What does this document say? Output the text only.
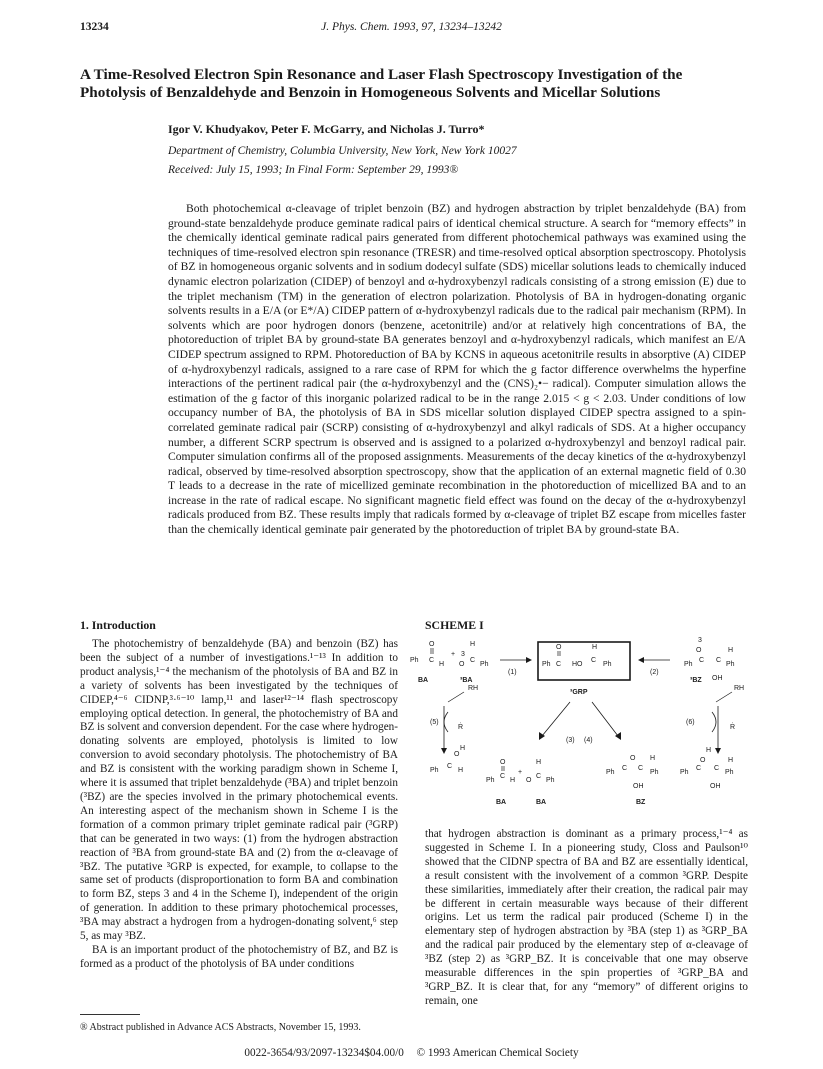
J. Phys. Chem. 1993, 97, 13234–13242
13234
A Time-Resolved Electron Spin Resonance and Laser Flash Spectroscopy Investigation of the Photolysis of Benzaldehyde and Benzoin in Homogeneous Solvents and Micellar Solutions
Igor V. Khudyakov, Peter F. McGarry, and Nicholas J. Turro*
Department of Chemistry, Columbia University, New York, New York 10027
Received: July 15, 1993; In Final Form: September 29, 1993®

Both photochemical α-cleavage of triplet benzoin (BZ) and hydrogen abstraction by triplet benzaldehyde (BA) from ground-state benzaldehyde produce geminate radical pairs of identical chemical structure. A search for “memory effects” in the chemically identical geminate radical pairs generated from different photochemical pathways was examined using the techniques of time-resolved electron spin resonance (TRESR) and time-resolved optical absorption spectroscopy. Photolysis of BZ in homogeneous organic solvents and in sodium dodecyl sulfate (SDS) micellar solutions leads to chemically induced dynamic electron polarization (CIDEP) of benzoyl and α-hydroxybenzyl radicals consisting of a strong emission (E) due to the triplet mechanism (TM) in the generation of electron polarization. Photolysis of BA in hydrogen-donating organic solvents results in a E/A (or E*/A) CIDEP pattern of α-hydroxybenzyl radicals due to the radical pair mechanism (RPM). In solvents which are poor hydrogen donors (benzene, acetonitrile) and/or at relatively high concentrations of BA, the photoreduction of triplet BA by ground-state BA generates benzoyl and α-hydroxybenzyl radicals, which manifest an E/A CIDEP spectrum assigned to RPM. Photoreduction of BA by KCNS in aqueous acetonitrile results in absorptive (A) CIDEP of α-hydroxybenzyl radicals, assigned to a rare case of RPM for which the g factor difference overwhelms the hyperfine interactions of the pertinent radical pair (the α-hydroxybenzyl and the (CNS)₂•− radical). Computer simulation allows the estimation of the g factor of this inorganic polarized radical to be in the range 2.015 < g < 2.03. Under conditions of low occupancy number of BA, the photolysis of BA in SDS micellar solution displayed CIDEP spectra assigned to a spin-correlated geminate radical pair (SCRP) consisting of α-hydroxybenzyl and alkyl radicals of SDS. At a higher occupancy number, a different SCRP spectrum is observed and is assigned to a polarized α-hydroxybenzyl and benzoyl radical pair. Computer simulation confirms all of the proposed assignments. Measurements of the decay kinetics of the α-hydroxybenzyl radical, observed by time-resolved absorption spectroscopy, show that the application of an external magnetic field of 0.30 T leads to a decrease in the rate of micellized geminate recombination in the photoreduction of micellized BA and to an increase in the rate of radical escape. No significant magnetic field effect was found on the decay of the α-hydroxybenzyl radicals produced from BZ. These results imply that radicals formed by α-cleavage of triplet BZ escape from micelles faster than the chemically identical geminate pair generated by the photoreduction of triplet BA by ground-state BA.

1. Introduction

The photochemistry of benzaldehyde (BA) and benzoin (BZ) has been the subject of a number of investigations.¹⁻¹³ In addition to product analysis,¹⁻⁴ the mechanism of the photolysis of BA and BZ in a variety of solvents has been investigated by the techniques of CIDEP,⁴⁻⁶ CIDNP,³·⁶⁻¹⁰ lamp,¹¹ and laser¹²⁻¹⁴ flash spectroscopy employing optical detection. In general, the photochemistry of BA and BZ is solvent and conversion dependent. For the case where hydrogen-donating solvents are employed, photolysis is limited to low conversion to avoid secondary photolysis. The photochemistry of BA and BZ is consistent with the working paradigm shown in Scheme I, where it is assumed that triplet benzaldehyde (³BA) and triplet benzoin (³BZ) are the species involved in the primary photochemical events. An interesting aspect of the mechanism shown in Scheme I is the formation of a common primary triplet geminate radical pair (³GRP) that can be generated in two ways: (1) from the hydrogen abstraction reaction of ³BA from ground-state BA and (2) from the α-cleavage of ³BZ. The putative ³GRP is expected, for example, to collapse to the same set of products (disproportionation to form BA and combination to form BZ, steps 3 and 4 in the Scheme I), independent of the origin of generation. In addition to these primary photochemical processes, ³BA may abstract a hydrogen from a hydrogen-donating solvent,⁶ step 5, as may ³BZ.

BA is an important product of the photochemistry of BZ, and BZ is formed as a product of the photolysis of BA under conditions

SCHEME I
O
Ph C
H
+ 3
H
O
C
Ph
BA	³BA
(1)
O
Ph C
H
H O
C
Ph
³GRP
(2)
3
O	H
Ph
C C
Ph
³BZ OH
RH
Ṙ
(5)
O
H
Ph
C
H
(3) (4)
O
Ph
C
H
+
H
O
C
Ph
BA	BA
O H
Ph
C C
Ph
OH
BZ
RH
Ṙ
(6)
H
O	H
Ph
C C
Ph
OH

that hydrogen abstraction is dominant as a primary process,¹⁻⁴ as suggested in Scheme I. In a pioneering study, Closs and Paulson¹⁰ showed that the CIDNP spectra of BA and BZ are essentially identical, a result consistent with the involvement of a common ³GRP. Despite these similarities, immediately after their creation, the radical pair may be different in certain measurable ways because of their different origins. Let us term the radical pair produced (Scheme I) in the elementary step of hydrogen abstraction by ³BA (step 1) as ³GRP_BA and the radical pair produced by the elementary step of α-cleavage of ³BZ (step 2) as ³GRP_BZ. It is conceivable that one may observe measurable differences in the spin properties of ³GRP_BA and ³GRP_BZ. It is clear that, for any “memory” of different origins to remain, one

® Abstract published in Advance ACS Abstracts, November 15, 1993.
0022-3654/93/2097-13234$04.00/0 © 1993 American Chemical Society
